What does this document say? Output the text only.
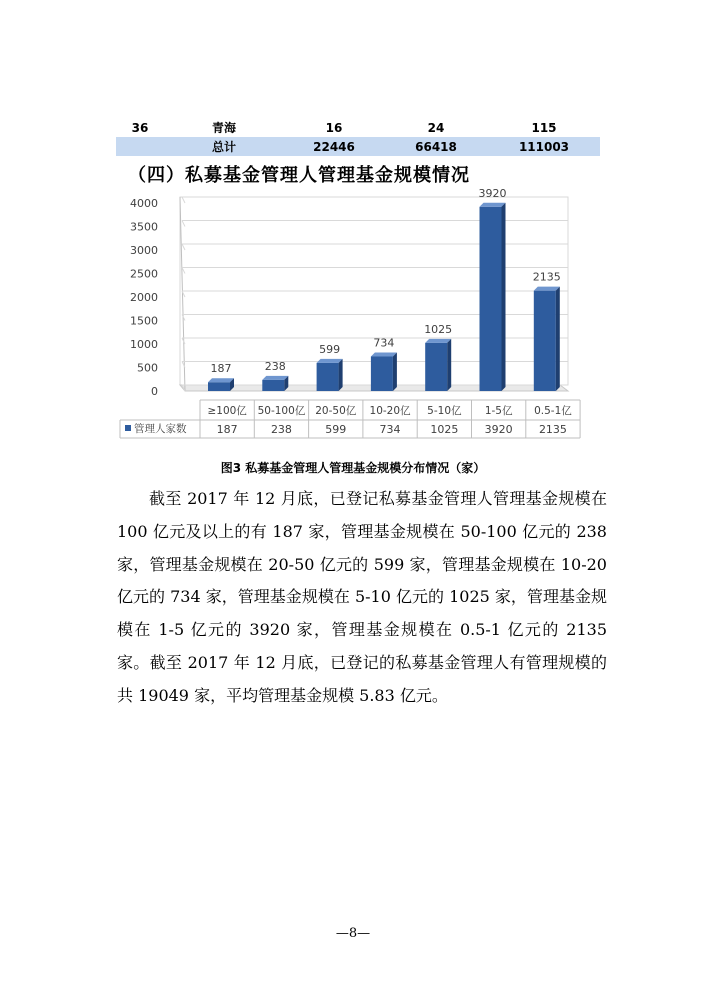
36	青海	16	24	115
总计	22446	66418	111003
（四）私募基金管理人管理基金规模情况
0
500
1000
1500
2000
2500
3000
3500
4000
187	238
599	734
1025
3920
2135
≥100亿 50-100亿 20-50亿 10-20亿 5-10亿 1-5亿 0.5-1亿
187	238	599	734	1025 3920 2135
管理人家数
图3 私募基金管理人管理基金规模分布情况（家）

截至 2017 年 12 月底，已登记私募基金管理人管理基金规模在 100 亿元及以上的有 187 家，管理基金规模在 50-100 亿元的 238 家，管理基金规模在 20-50 亿元的 599 家，管理基金规模在 10-20 亿元的 734 家，管理基金规模在 5-10 亿元的 1025 家，管理基金规模在 1-5 亿元的 3920 家，管理基金规模在 0.5-1 亿元的 2135 家。截至 2017 年 12 月底，已登记的私募基金管理人有管理规模的共 19049 家，平均管理基金规模 5.83 亿元。

—8—
